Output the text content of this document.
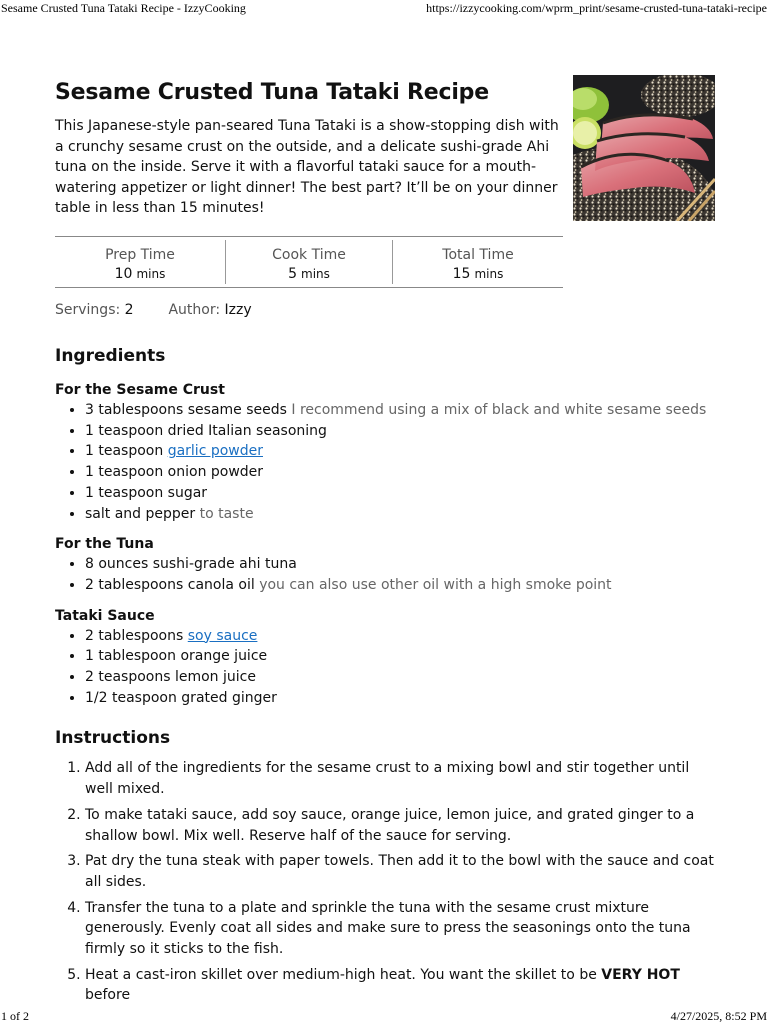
Sesame Crusted Tuna Tataki Recipe - IzzyCooking	https://izzycooking.com/wprm_print/sesame-crusted-tuna-tataki-recipe
Sesame Crusted Tuna Tataki Recipe

This Japanese-style pan-seared Tuna Tataki is a show-stopping dish with a crunchy sesame crust on the outside, and a delicate sushi-grade Ahi tuna on the inside. Serve it with a flavorful tataki sauce for a mouth-watering appetizer or light dinner! The best part? It’ll be on your dinner table in less than 15 minutes!

Prep Time
10 mins
Cook Time
5 mins
Total Time
15 mins
Servings: 2 Author: Izzy
Ingredients
For the Sesame Crust
• 3 tablespoons sesame seeds I recommend using a mix of black and white sesame seeds
• 1 teaspoon dried Italian seasoning
• 1 teaspoon garlic powder
• 1 teaspoon onion powder
• 1 teaspoon sugar
• salt and pepper to taste
For the Tuna
• 8 ounces sushi-grade ahi tuna
• 2 tablespoons canola oil you can also use other oil with a high smoke point
Tataki Sauce
• 2 tablespoons soy sauce
• 1 tablespoon orange juice
• 2 teaspoons lemon juice
• 1/2 teaspoon grated ginger
Instructions
1. Add all of the ingredients for the sesame crust to a mixing bowl and stir together until well mixed.
2. To make tataki sauce, add soy sauce, orange juice, lemon juice, and grated ginger to a shallow bowl. Mix well. Reserve half of the sauce for serving.
3. Pat dry the tuna steak with paper towels. Then add it to the bowl with the sauce and coat all sides.
4. Transfer the tuna to a plate and sprinkle the tuna with the sesame crust mixture generously. Evenly coat all sides and make sure to press the seasonings onto the tuna firmly so it sticks to the fish.
5. Heat a cast-iron skillet over medium-high heat. You want the skillet to be VERY HOT before
1 of 2	4/27/2025, 8:52 PM
